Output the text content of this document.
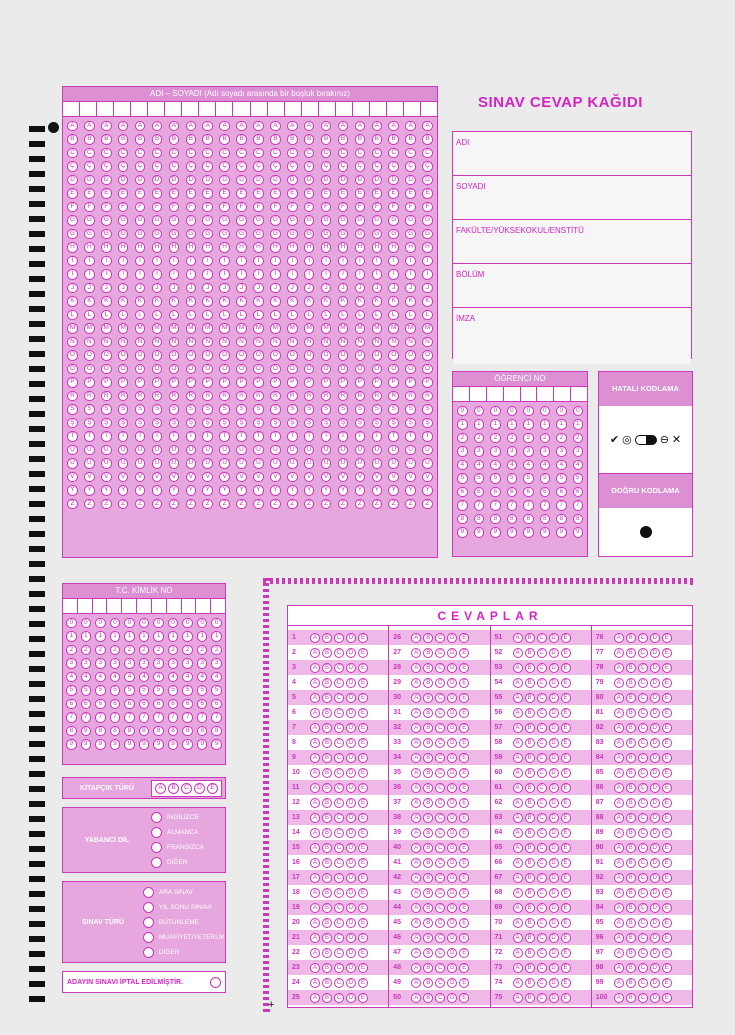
ADI – SOYADI (Adı soyadı arasında bir boşluk bırakınız)
A	A	A	A	A	A	A	A	A	A	A	A	A	A	A	A	A	A	A	A	A	A
B	B	B	B	B	B	B	B	B	B	B	B	B	B	B	B	B	B	B	B	B	B
C	C	C	C	C	C	C	C	C	C	C	C	C	C	C	C	C	C	C	C	C	C
Ç	Ç	Ç	Ç	Ç	Ç	Ç	Ç	Ç	Ç	Ç	Ç	Ç	Ç	Ç	Ç	Ç	Ç	Ç	Ç	Ç	Ç
D	D	D	D	D	D	D	D	D	D	D	D	D	D	D	D	D	D	D	D	D	D
E	E	E	E	E	E	E	E	E	E	E	E	E	E	E	E	E	E	E	E	E	E
F	F	F	F	F	F	F	F	F	F	F	F	F	F	F	F	F	F	F	F	F	F
G	G	G	G	G	G	G	G	G	G	G	G	G	G	G	G	G	G	G	G	G	G
Ğ	Ğ	Ğ	Ğ	Ğ	Ğ	Ğ	Ğ	Ğ	Ğ	Ğ	Ğ	Ğ	Ğ	Ğ	Ğ	Ğ	Ğ	Ğ	Ğ	Ğ	Ğ
H	H	H	H	H	H	H	H	H	H	H	H	H	H	H	H	H	H	H	H	H	H
I	I	I	I	I	I	I	I	I	I	I	I	I	I	I	I	I	I	I	I	I	I
İ	İ	İ	İ	İ	İ	İ	İ	İ	İ	İ	İ	İ	İ	İ	İ	İ	İ	İ	İ	İ	İ
J	J	J	J	J	J	J	J	J	J	J	J	J	J	J	J	J	J	J	J	J	J
K	K	K	K	K	K	K	K	K	K	K	K	K	K	K	K	K	K	K	K	K	K
L	L	L	L	L	L	L	L	L	L	L	L	L	L	L	L	L	L	L	L	L	L
M	M	M	M	M	M	M	M	M	M	M	M	M	M	M	M	M	M	M	M	M	M
N	N	N	N	N	N	N	N	N	N	N	N	N	N	N	N	N	N	N	N	N	N
O	O	O	O	O	O	O	O	O	O	O	O	O	O	O	O	O	O	O	O	O	O
Ö	Ö	Ö	Ö	Ö	Ö	Ö	Ö	Ö	Ö	Ö	Ö	Ö	Ö	Ö	Ö	Ö	Ö	Ö	Ö	Ö	Ö
P	P	P	P	P	P	P	P	P	P	P	P	P	P	P	P	P	P	P	P	P	P
R	R	R	R	R	R	R	R	R	R	R	R	R	R	R	R	R	R	R	R	R	R
S	S	S	S	S	S	S	S	S	S	S	S	S	S	S	S	S	S	S	S	S	S
Ş	Ş	Ş	Ş	Ş	Ş	Ş	Ş	Ş	Ş	Ş	Ş	Ş	Ş	Ş	Ş	Ş	Ş	Ş	Ş	Ş	Ş
T	T	T	T	T	T	T	T	T	T	T	T	T	T	T	T	T	T	T	T	T	T
U	U	U	U	U	U	U	U	U	U	U	U	U	U	U	U	U	U	U	U	U	U
Ü	Ü	Ü	Ü	Ü	Ü	Ü	Ü	Ü	Ü	Ü	Ü	Ü	Ü	Ü	Ü	Ü	Ü	Ü	Ü	Ü	Ü
V	V	V	V	V	V	V	V	V	V	V	V	V	V	V	V	V	V	V	V	V	V
Y	Y	Y	Y	Y	Y	Y	Y	Y	Y	Y	Y	Y	Y	Y	Y	Y	Y	Y	Y	Y	Y
Z	Z	Z	Z	Z	Z	Z	Z	Z	Z	Z	Z	Z	Z	Z	Z	Z	Z	Z	Z	Z	Z
SINAV CEVAP KAĞIDI
ADI
SOYADI
FAKÜLTE/YÜKSEKOKUL/ENSTİTÜ
BÖLÜM
İMZA
ÖĞRENCİ NO
0	0	0	0	0	0	0	0
1	1	1	1	1	1	1	1
2	2	2	2	2	2	2	2
3	3	3	3	3	3	3	3
4	4	4	4	4	4	4	4
5	5	5	5	5	5	5	5
6	6	6	6	6	6	6	6
7	7	7	7	7	7	7	7
8	8	8	8	8	8	8	8
9	9	9	9	9	9	9	9
HATALI KODLAMA
✔ ◎	⊖ ✕
DOĞRU KODLAMA
T.C. KİMLİK NO
0	0	0	0	0	0	0	0	0	0	0
1	1	1	1	1	1	1	1	1	1	1
2	2	2	2	2	2	2	2	2	2	2
3	3	3	3	3	3	3	3	3	3	3
4	4	4	4	4	4	4	4	4	4	4
5	5	5	5	5	5	5	5	5	5	5
6	6	6	6	6	6	6	6	6	6	6
7	7	7	7	7	7	7	7	7	7	7
8	8	8	8	8	8	8	8	8	8	8
9	9	9	9	9	9	9	9	9	9	9
KİTAPÇIK TÜRÜ	A	B	C	D	E
YABANCI DİL
İNGİLİZCE
ALMANCA
FRANSIZCA
DİĞER
SINAV TÜRÜ
ARA SINAV
YIL SONU SINAVI
BÜTÜNLEME
MUAFİYET/YETERLİK
DİĞER
ADAYIN SINAVI İPTAL EDİLMİŞTİR.
+
CEVAPLAR
1	A	B	C	D	E
2	A	B	C	D	E
3	A	B	C	D	E
4	A	B	C	D	E
5	A	B	C	D	E
6	A	B	C	D	E
7	A	B	C	D	E
8	A	B	C	D	E
9	A	B	C	D	E
10	A	B	C	D	E
11	A	B	C	D	E
12	A	B	C	D	E
13	A	B	C	D	E
14	A	B	C	D	E
15	A	B	C	D	E
16	A	B	C	D	E
17	A	B	C	D	E
18	A	B	C	D	E
19	A	B	C	D	E
20	A	B	C	D	E
21	A	B	C	D	E
22	A	B	C	D	E
23	A	B	C	D	E
24	A	B	C	D	E
25	A	B	C	D	E
26	A	B	C	D	E
27	A	B	C	D	E
28	A	B	C	D	E
29	A	B	C	D	E
30	A	B	C	D	E
31	A	B	C	D	E
32	A	B	C	D	E
33	A	B	C	D	E
34	A	B	C	D	E
35	A	B	C	D	E
36	A	B	C	D	E
37	A	B	C	D	E
38	A	B	C	D	E
39	A	B	C	D	E
40	A	B	C	D	E
41	A	B	C	D	E
42	A	B	C	D	E
43	A	B	C	D	E
44	A	B	C	D	E
45	A	B	C	D	E
46	A	B	C	D	E
47	A	B	C	D	E
48	A	B	C	D	E
49	A	B	C	D	E
50	A	B	C	D	E
51	A	B	C	D	E
52	A	B	C	D	E
53	A	B	C	D	E
54	A	B	C	D	E
55	A	B	C	D	E
56	A	B	C	D	E
57	A	B	C	D	E
58	A	B	C	D	E
59	A	B	C	D	E
60	A	B	C	D	E
61	A	B	C	D	E
62	A	B	C	D	E
63	A	B	C	D	E
64	A	B	C	D	E
65	A	B	C	D	E
66	A	B	C	D	E
67	A	B	C	D	E
68	A	B	C	D	E
69	A	B	C	D	E
70	A	B	C	D	E
71	A	B	C	D	E
72	A	B	C	D	E
73	A	B	C	D	E
74	A	B	C	D	E
75	A	B	C	D	E
76	A	B	C	D	E
77	A	B	C	D	E
78	A	B	C	D	E
79	A	B	C	D	E
80	A	B	C	D	E
81	A	B	C	D	E
82	A	B	C	D	E
83	A	B	C	D	E
84	A	B	C	D	E
85	A	B	C	D	E
86	A	B	C	D	E
87	A	B	C	D	E
88	A	B	C	D	E
89	A	B	C	D	E
90	A	B	C	D	E
91	A	B	C	D	E
92	A	B	C	D	E
93	A	B	C	D	E
94	A	B	C	D	E
95	A	B	C	D	E
96	A	B	C	D	E
97	A	B	C	D	E
98	A	B	C	D	E
99	A	B	C	D	E
100	A	B	C	D	E
